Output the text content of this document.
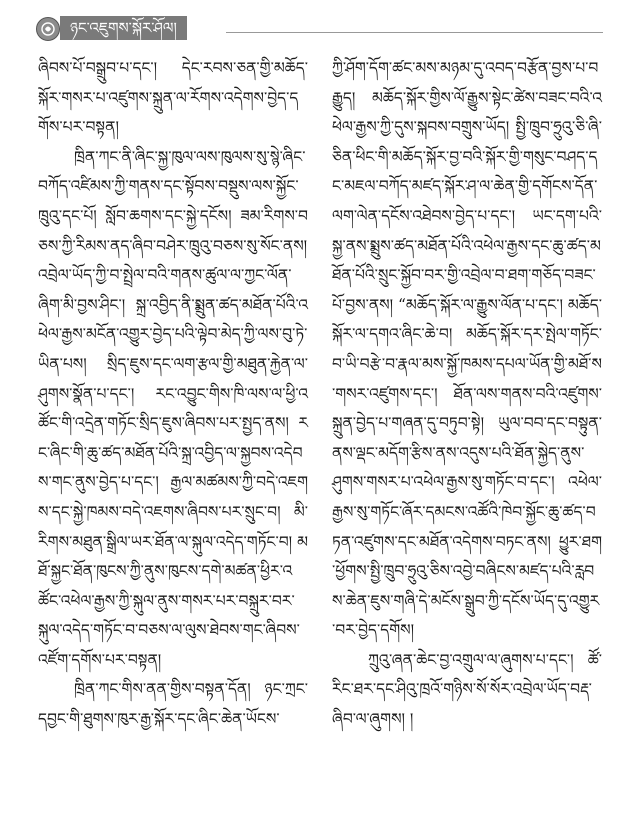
ཉང་འཇུགས་སྐོར་ཤོལ།

ཞིབས་པོ་བསྒྲུབ་པ་དང་། དེང་རབས་ཅན་གྱི་མཆོད་སྐོར་གསར་པ་འཛུགས་སྐྲུན་ལ་རོགས་འདེགས་བྱེད་དགོས་པར་བསྟན།

ཁྲིན་ཀང་ནི་ཞིང་སྐྱ་ཁུལ་ལས་ཁུལས་སུ་སྙེ་ཞིང་བཀོད་འཛིམས་ཀྱི་གནས་དང་སྟོབས་བསྡུས་ལས་སྐྱོང་ཁྲུའུ་དང་པོ། སློབ་ཆགས་དང་སྐྱེ་དངོས། ཟམ་རིགས་བཅས་ཀྱི་རིམས་ནད་ཞིབ་བཤེར་ཁྲུའུ་བཅས་སུ་སོང་ནས། འབྲེལ་ཡོད་ཀྱི་བ་སྤྲེལ་བའི་གནས་ཚུལ་ལ་ཀྱང་ལོན་ཞིག་མི་བྱས་ཤིང་། སྐྲ་འབྱིད་ནི་སྨྲུན་ཚད་མཐོན་པོའི་འཕེལ་རྒྱས་མངོན་འགྱུར་བྱེད་པའི་ལྟེབ་མེད་ཀྱི་ལས་བུ་ཏེ་ཡིན་པས། སྲིད་ཇུས་དང་ལག་རྩལ་གྱི་མཐུན་རྐྱེན་ལ་ཤུགས་སྣོན་པ་དང་། རང་འབྱུང་གིས་ཁི་ལས་ལ་ཕྱི་འཚོང་གི་འདྲེན་གཏོང་སྲིད་ཇུས་ཞིབས་པར་སྤྱད་ནས། རང་ཞིང་གི་ཆུ་ཚད་མཐོན་པོའི་སྐྲ་འབྱིད་ལ་སྐྱབས་འདེབས་གང་ནུས་བྱེད་པ་དང་། རྒྱལ་མཚམས་ཀྱི་བདེ་འཇགས་དང་སྐྱེ་ཁམས་བདེ་འཇགས་ཞིབས་པར་སྲུང་བ། མི་རིགས་མཐུན་སྒྲིལ་ཡར་ཐོན་ལ་སྐུལ་འདེད་གཏོང་བ། མཐོ་སྐྱང་ཐོན་ཁུངས་ཀྱི་ནུས་ཁུངས་དགེ་མཚན་ཕྱིར་འཚོང་འཕེལ་རྒྱས་ཀྱི་སྐུལ་ནུས་གསར་པར་བསྐྲུར་བར་སྐུལ་འདེད་གཏོང་བ་བཅས་ལ་ལུས་ཐེབས་གང་ཞིབས་འཛོག་དགོས་པར་བསྟན།

ཁྲིན་ཀང་གིས་ནན་གྱིས་བསྟན་དོན། ཉང་ཀྲང་དབྱང་གི་ཐུགས་ཁུར་རྒྱ་སྐོར་དང་ཞིང་ཆེན་ཡོངས་

ཀྱི་ཤོག་དོག་ཚང་མས་མཉམ་དུ་འབད་བརྩོན་བྱས་པ་བརྒྱུད། མཆོད་སྐོར་གྱིས་ལོ་རྒྱུས་སྟེང་ཚེས་བཟང་བའི་འཕེལ་རྒྱས་ཀྱི་དུས་སྐབས་བགྲུས་ཡོད། སྤྱི་ཁྲུབ་ཧྲུའུ་ཅི་ཞི་ཅིན་ཕིང་གི་མཆོད་སྐོར་བྱ་བའི་སྐོར་གྱི་གསུང་བཤད་དང་མཇལ་བཀོད་མཛད་སྐོར་ཤ་ལ་ཆེན་གྱི་དགོངས་དོན་ལག་ལེན་དངོས་འཐེབས་བྱེད་པ་དང་། ཡང་དག་པའི་སྐྱ་ནས་སྨྲུས་ཚད་མཐོན་པོའི་འཕེལ་རྒྱས་དང་ཆུ་ཚད་མཐོན་པོའི་སྲུང་སྐྱོབ་བར་གྱི་འབྲེལ་བ་ཐག་གཅོད་བཟང་པོ་བྱས་ནས། “མཆོད་སྐོར་ལ་རྒྱུས་ལོན་པ་དང་། མཆོད་སྐོར་ལ་དགའ་ཞིང་ཆེ་བ། མཆོད་སྐོར་དར་སྤེལ་གཏོང་བ་ཡི་བརྩེ་བ་རྣལ་མས་སྐྱོ་ཁམས་དཔལ་ཡོན་གྱི་མཐོ་ས་གསར་འཛུགས་དང་། ཐོན་ལས་གནས་བའི་འཛུགས་སྐྲུན་བྱེད་པ་གཞན་དུ་བཏུབ་སྟེ། ཡུལ་བབ་དང་བསྟུན་ནས་ལྡང་མདོག་རྩིས་ནས་འདུས་པའི་ཐོན་སྐྱེད་ནུས་ཤུགས་གསར་པ་འཕེལ་རྒྱས་སུ་གཏོང་བ་དང་། འཕེལ་རྒྱས་སུ་གཏོང་ཞོར་དམངས་འཚོའི་ཁེབ་སྐྱོང་ཆུ་ཚད་བཏན་འཛུགས་དང་མཐོན་འདེགས་བཏང་ནས། ཕྱུར་ཐག་ཕྱོགས་སྤྱི་ཁྲུབ་ཧྲུའུ་ཅིས་འབྱེ་བཞིངས་མཛད་པའི་རླབས་ཆེན་ཇུས་གཞི་དེ་མངོས་སྒྲུབ་ཀྱི་དངོས་ཡོད་དུ་འགྱུར་བར་བྱེད་དགོས།

ཀྲུའུ་ཞན་ཆེང་བྱ་འགྲུལ་ལ་ཞུགས་པ་དང་། ཚོ་རིང་ཐར་དང་ཤིའུ་ཁྲའོ་གཉིས་སོ་སོར་འབྲེལ་ཡོད་བརྡ་ཞིབ་ལ་ཞུགས། །
